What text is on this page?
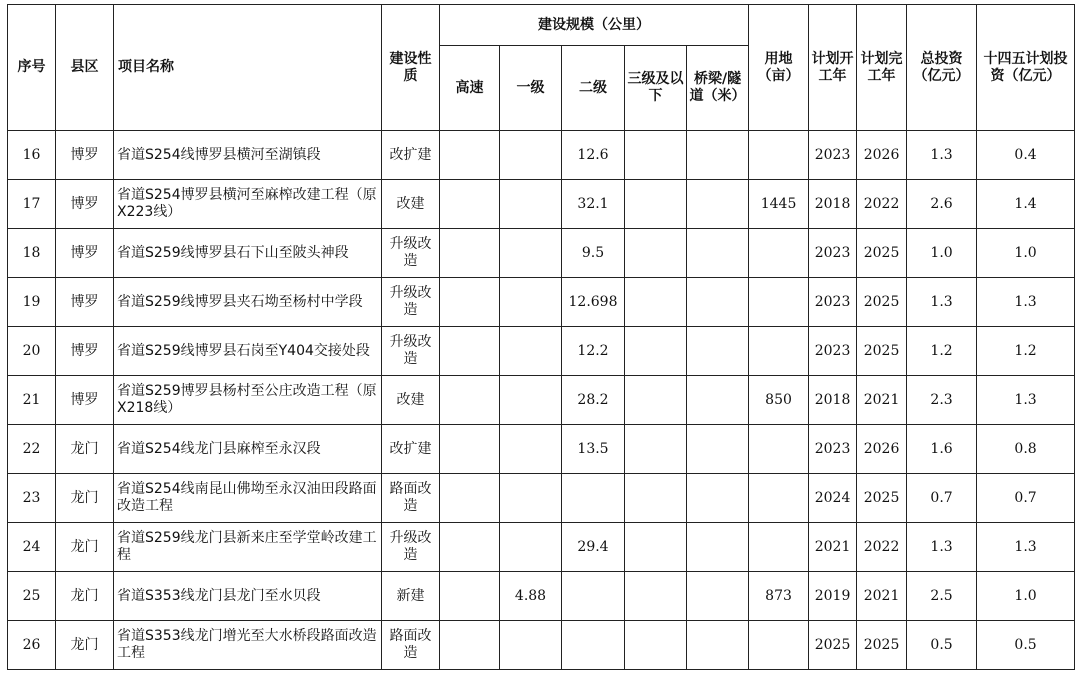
序号	县区	项目名称	建设性质	建设规模（公里）					用地（亩）	计划开工年	计划完工年	总投资（亿元）	十四五计划投资（亿元）
				高速	一级	二级	三级及以下	桥梁/隧道（米）					
16	博罗	省道S254线博罗县横河至湖镇段	改扩建			12.6				2023	2026	1.3	0.4
17	博罗	省道S254博罗县横河至麻榨改建工程（原X223线）	改建			32.1			1445	2018	2022	2.6	1.4
18	博罗	省道S259线博罗县石下山至陂头神段	升级改造			9.5				2023	2025	1.0	1.0
19	博罗	省道S259线博罗县夹石坳至杨村中学段	升级改造			12.698				2023	2025	1.3	1.3
20	博罗	省道S259线博罗县石岗至Y404交接处段	升级改造			12.2				2023	2025	1.2	1.2
21	博罗	省道S259博罗县杨村至公庄改造工程（原X218线）	改建			28.2			850	2018	2021	2.3	1.3
22	龙门	省道S254线龙门县麻榨至永汉段	改扩建			13.5				2023	2026	1.6	0.8
23	龙门	省道S254线南昆山佛坳至永汉油田段路面改造工程	路面改造							2024	2025	0.7	0.7
24	龙门	省道S259线龙门县新来庄至学堂岭改建工程	升级改造			29.4				2021	2022	1.3	1.3
25	龙门	省道S353线龙门县龙门至水贝段	新建		4.88				873	2019	2021	2.5	1.0
26	龙门	省道S353线龙门增光至大水桥段路面改造工程	路面改造							2025	2025	0.5	0.5
